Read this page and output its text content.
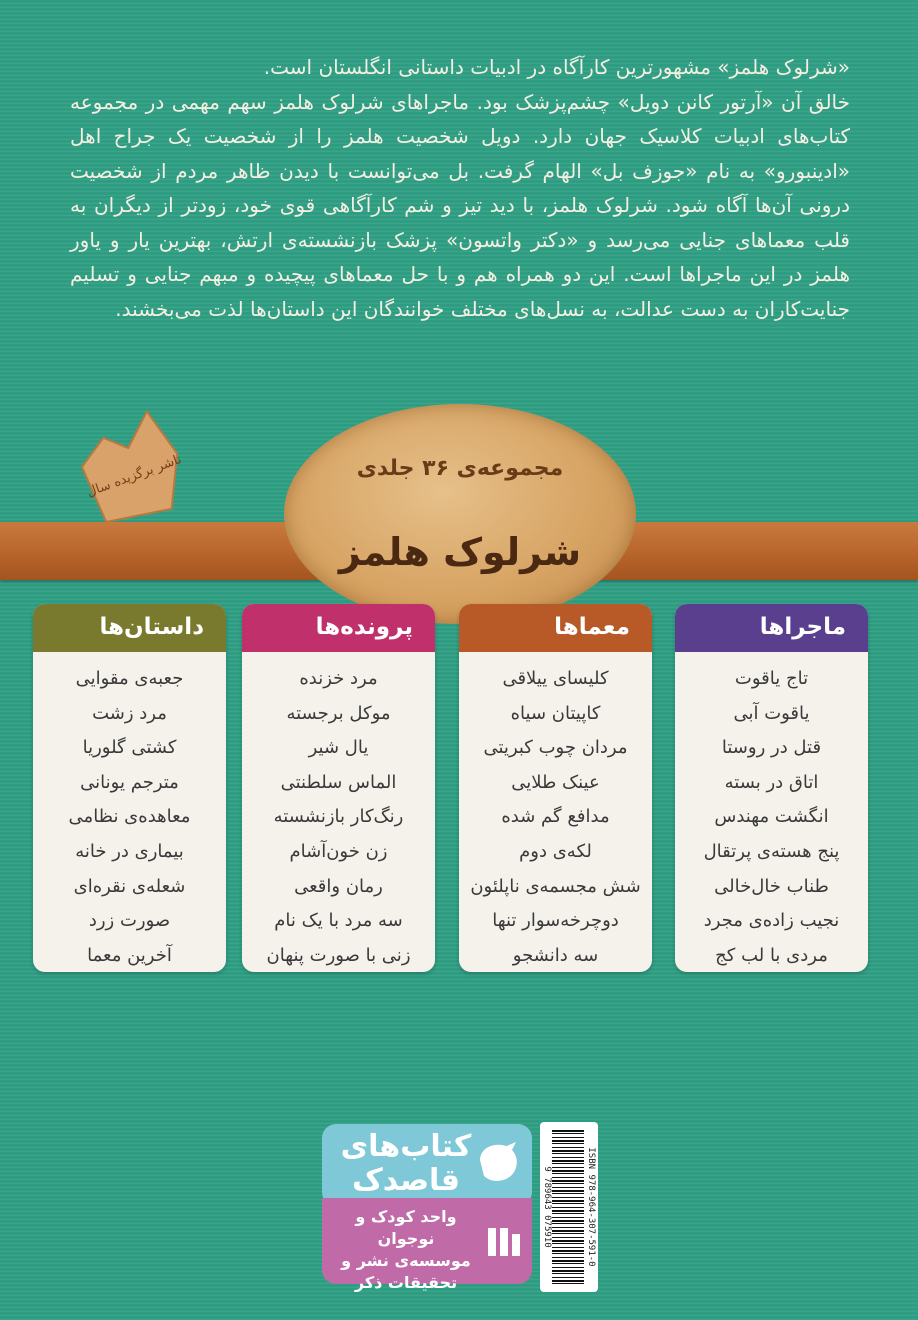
«شرلوک هلمز» مشهورترین کارآگاه در ادبیات داستانی انگلستان است.

خالق آن «آرتور کانن دویل» چشم‌پزشک بود. ماجراهای شرلوک هلمز سهم مهمی در مجموعه کتاب‌های ادبیات کلاسیک جهان دارد. دویل شخصیت هلمز را از شخصیت یک جراح اهل «ادینبورو» به نام «جوزف بل» الهام گرفت. بل می‌توانست با دیدن ظاهر مردم از شخصیت درونی آن‌ها آگاه شود. شرلوک هلمز، با دید تیز و شم کارآگاهی قوی خود، زودتر از دیگران به قلب معماهای جنایی می‌رسد و «دکتر واتسون» پزشک بازنشسته‌ی ارتش، بهترین یار و یاور هلمز در این ماجراها است. این دو همراه هم و با حل معماهای پیچیده و مبهم جنایی و تسلیم جنایت‌کاران به دست عدالت، به نسل‌های مختلف خوانندگان این داستان‌ها لذت می‌بخشند.

ناشر برگزیده سال	مجموعه‌ی ۳۶ جلدی
شرلوک هلمز
ماجراها
تاج یاقوت
یاقوت آبی
قتل در روستا
اتاق در بسته
انگشت مهندس
پنج هسته‌ی پرتقال
طناب خال‌خالی
نجیب زاده‌ی مجرد
مردی با لب کج
معماها
کلیسای ییلاقی
کاپیتان سیاه
مردان چوب کبریتی
عینک طلایی
مدافع گم شده
لکه‌ی دوم
شش مجسمه‌ی ناپلئون
دوچرخه‌سوار تنها
سه دانشجو
پرونده‌ها
مرد خزنده
موکل برجسته
یال شیر
الماس سلطنتی
رنگ‌کار بازنشسته
زن خون‌آشام
رمان واقعی
سه مرد با یک نام
زنی با صورت پنهان
داستان‌ها
جعبه‌ی مقوایی
مرد زشت
کشتی گلوریا
مترجم یونانی
معاهده‌ی نظامی
بیماری در خانه
شعله‌ی نقره‌ای
صورت زرد
آخرین معما
کتاب‌های
قاصدک
واحد کودک و نوجوان
موسسه‌ی نشر و
تحقیقات ذکر
ISBN 978-964-307-591-0
9 789643 075910
